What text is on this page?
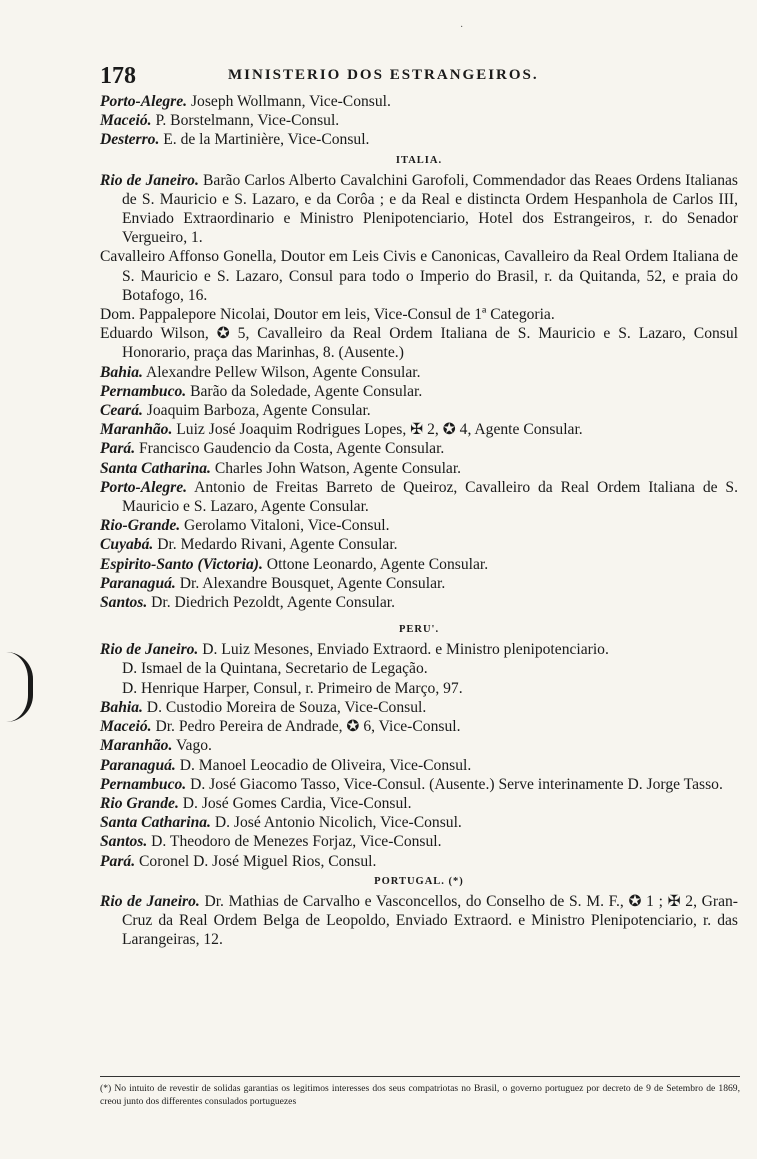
·
178	MINISTERIO DOS ESTRANGEIROS.
Porto-Alegre. Joseph Wollmann, Vice-Consul.
Maceió. P. Borstelmann, Vice-Consul.
Desterro. E. de la Martinière, Vice-Consul.
ITALIA.
Rio de Janeiro. Barão Carlos Alberto Cavalchini Garofoli, Commendador das Reaes Ordens Italianas de S. Mauricio e S. Lazaro, e da Corôa ; e da Real e distincta Ordem Hespanhola de Carlos III, Enviado Extraordinario e Ministro Plenipotenciario, Hotel dos Estrangeiros, r. do Senador Vergueiro, 1.
Cavalleiro Affonso Gonella, Doutor em Leis Civis e Canonicas, Cavalleiro da Real Ordem Italiana de S. Mauricio e S. Lazaro, Consul para todo o Imperio do Brasil, r. da Quitanda, 52, e praia do Botafogo, 16.
Dom. Pappalepore Nicolai, Doutor em leis, Vice-Consul de 1ª Categoria.
Eduardo Wilson, ✪ 5, Cavalleiro da Real Ordem Italiana de S. Mauricio e S. Lazaro, Consul Honorario, praça das Marinhas, 8. (Ausente.)
Bahia. Alexandre Pellew Wilson, Agente Consular.
Pernambuco. Barão da Soledade, Agente Consular.
Ceará. Joaquim Barboza, Agente Consular.
Maranhão. Luiz José Joaquim Rodrigues Lopes, ✠ 2, ✪ 4, Agente Consular.
Pará. Francisco Gaudencio da Costa, Agente Consular.
Santa Catharina. Charles John Watson, Agente Consular.
Porto-Alegre. Antonio de Freitas Barreto de Queiroz, Cavalleiro da Real Ordem Italiana de S. Mauricio e S. Lazaro, Agente Consular.
Rio-Grande. Gerolamo Vitaloni, Vice-Consul.
Cuyabá. Dr. Medardo Rivani, Agente Consular.
Espirito-Santo (Victoria). Ottone Leonardo, Agente Consular.
Paranaguá. Dr. Alexandre Bousquet, Agente Consular.
Santos. Dr. Diedrich Pezoldt, Agente Consular.
PERU'.
Rio de Janeiro. D. Luiz Mesones, Enviado Extraord. e Ministro plenipotenciario.
D. Ismael de la Quintana, Secretario de Legação.
D. Henrique Harper, Consul, r. Primeiro de Março, 97.
Bahia. D. Custodio Moreira de Souza, Vice-Consul.
Maceió. Dr. Pedro Pereira de Andrade, ✪ 6, Vice-Consul.
Maranhão. Vago.
Paranaguá. D. Manoel Leocadio de Oliveira, Vice-Consul.
Pernambuco. D. José Giacomo Tasso, Vice-Consul. (Ausente.) Serve interinamente D. Jorge Tasso.
Rio Grande. D. José Gomes Cardia, Vice-Consul.
Santa Catharina. D. José Antonio Nicolich, Vice-Consul.
Santos. D. Theodoro de Menezes Forjaz, Vice-Consul.
Pará. Coronel D. José Miguel Rios, Consul.
PORTUGAL. (*)
Rio de Janeiro. Dr. Mathias de Carvalho e Vasconcellos, do Conselho de S. M. F., ✪ 1 ; ✠ 2, Gran-Cruz da Real Ordem Belga de Leopoldo, Enviado Extraord. e Ministro Plenipotenciario, r. das Larangeiras, 12.
(*) No intuito de revestir de solidas garantias os legitimos interesses dos seus compatriotas no Brasil, o governo portuguez por decreto de 9 de Setembro de 1869, creou junto dos differentes consulados portuguezes
